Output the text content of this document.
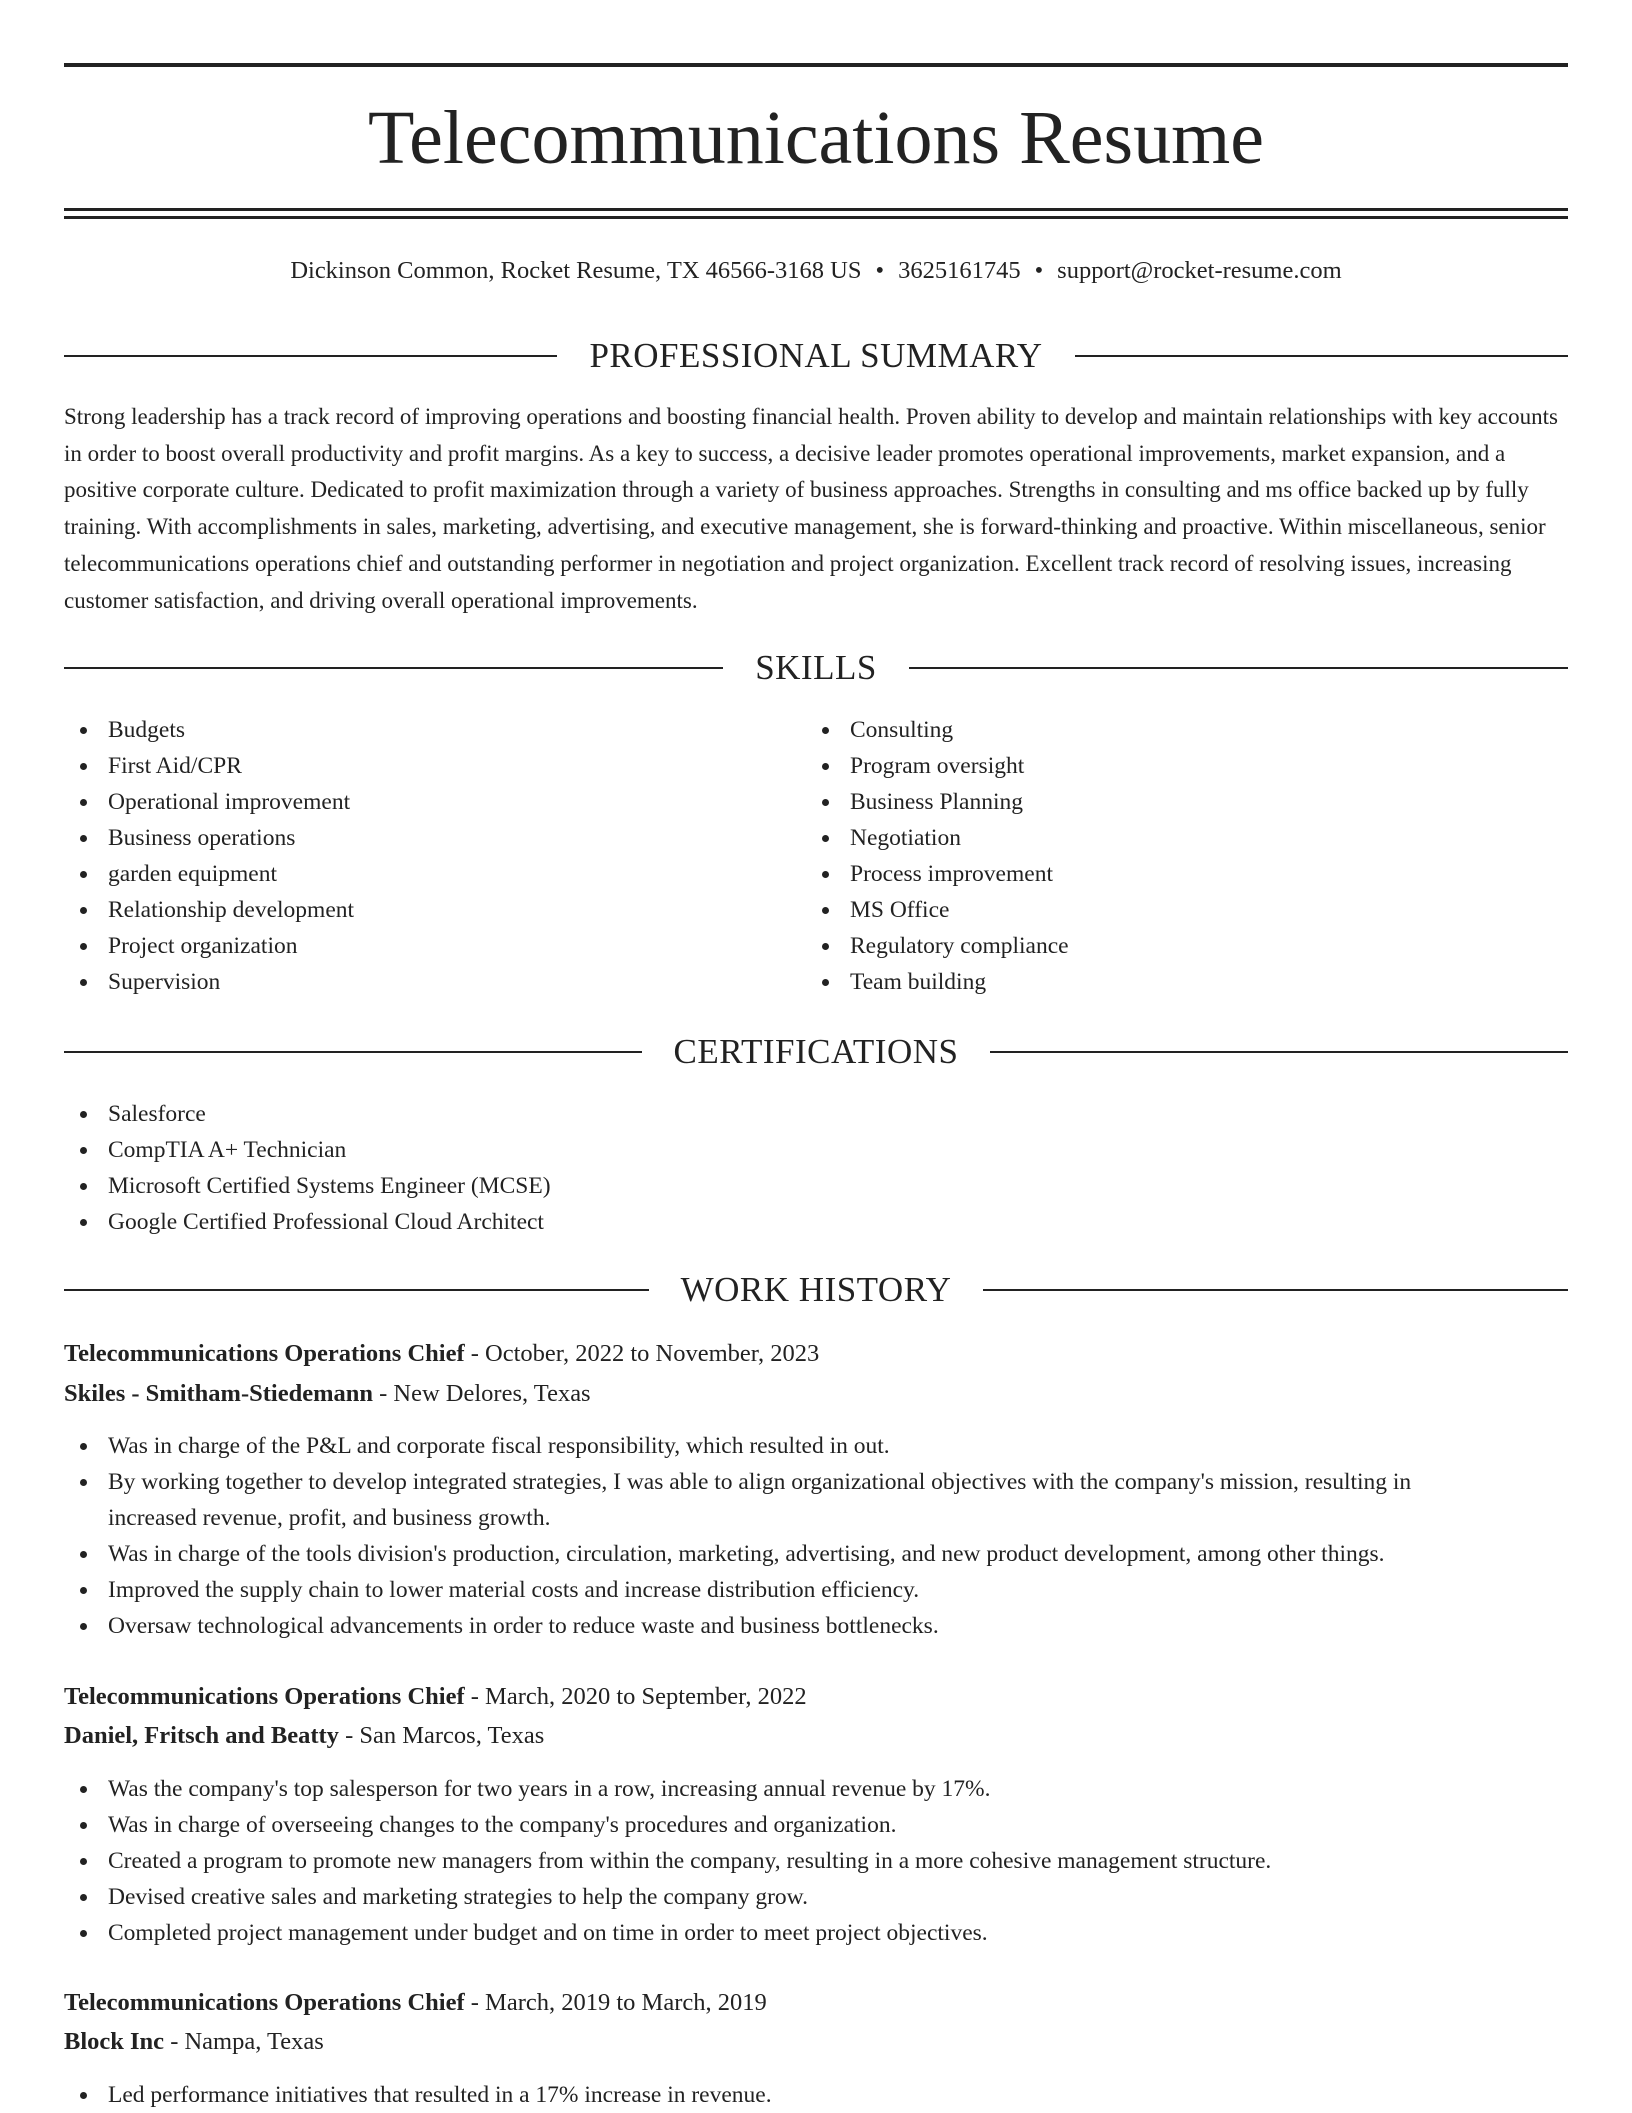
Telecommunications Resume
Dickinson Common, Rocket Resume, TX 46566-3168 US • 3625161745 • support@rocket-resume.com
PROFESSIONAL SUMMARY

Strong leadership has a track record of improving operations and boosting financial health. Proven ability to develop and maintain relationships with key accounts in order to boost overall productivity and profit margins. As a key to success, a decisive leader promotes operational improvements, market expansion, and a positive corporate culture. Dedicated to profit maximization through a variety of business approaches. Strengths in consulting and ms office backed up by fully training. With accomplishments in sales, marketing, advertising, and executive management, she is forward-thinking and proactive. Within miscellaneous, senior telecommunications operations chief and outstanding performer in negotiation and project organization. Excellent track record of resolving issues, increasing customer satisfaction, and driving overall operational improvements.

SKILLS
Budgets
First Aid/CPR
Operational improvement
Business operations
garden equipment
Relationship development
Project organization
Supervision
Consulting
Program oversight
Business Planning
Negotiation
Process improvement
MS Office
Regulatory compliance
Team building
CERTIFICATIONS
Salesforce
CompTIA A+ Technician
Microsoft Certified Systems Engineer (MCSE)
Google Certified Professional Cloud Architect
WORK HISTORY
Telecommunications Operations Chief - October, 2022 to November, 2023
Skiles - Smitham-Stiedemann - New Delores, Texas
Was in charge of the P&L and corporate fiscal responsibility, which resulted in out.
By working together to develop integrated strategies, I was able to align organizational objectives with the company's mission, resulting in increased revenue, profit, and business growth.
Was in charge of the tools division's production, circulation, marketing, advertising, and new product development, among other things.
Improved the supply chain to lower material costs and increase distribution efficiency.
Oversaw technological advancements in order to reduce waste and business bottlenecks.
Telecommunications Operations Chief - March, 2020 to September, 2022
Daniel, Fritsch and Beatty - San Marcos, Texas
Was the company's top salesperson for two years in a row, increasing annual revenue by 17%.
Was in charge of overseeing changes to the company's procedures and organization.
Created a program to promote new managers from within the company, resulting in a more cohesive management structure.
Devised creative sales and marketing strategies to help the company grow.
Completed project management under budget and on time in order to meet project objectives.
Telecommunications Operations Chief - March, 2019 to March, 2019
Block Inc - Nampa, Texas
Led performance initiatives that resulted in a 17% increase in revenue.
